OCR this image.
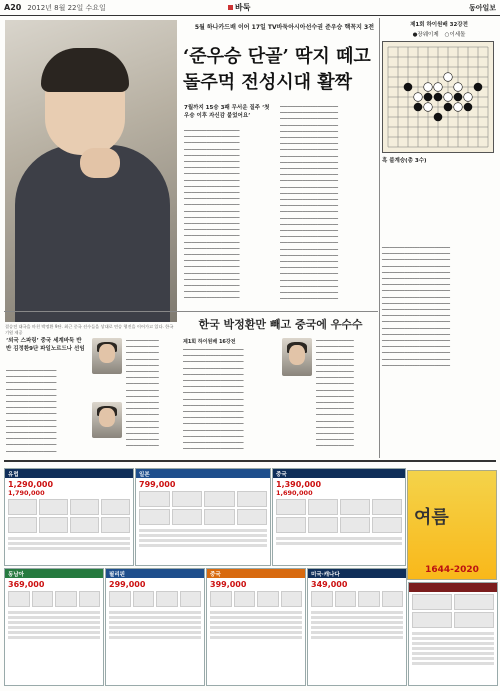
A20 2012년 8월 22일 수요일	바둑	동아일보
결승전 대국을 마친 박정환 9단. 최근 중국 선수들을 상대로 연승 행진을 이어가고 있다. 한국기원 제공
5월 하나카드배 이어 17일 TV바둑아시아선수권 준우승 핵꼭지 3전
‘준우승 단골’ 딱지 떼고 돌주먹 전성시대 활짝
7월까지 15승 3패 무서운 질주 ‘첫 우승 이후 자신감 붙었어요’
━━━━━━━━━━━━━━━━━━━━━━
━━━━━━━━━━━━━━━━━━━━━━
━━━━━━━━━━━━━━━━━━━━━━
━━━━━━━━━━━━━━━━━━━━━━
━━━━━━━━━━━━━━━━━━━━━━
━━━━━━━━━━━━━━━━━━━━━━
━━━━━━━━━━━━━━━━━━━━━━
━━━━━━━━━━━━━━━━━━━━━━
━━━━━━━━━━━━━━━━━━━━━━
━━━━━━━━━━━━━━━━━━━━━━
━━━━━━━━━━━━━━━━━━━━━━
━━━━━━━━━━━━━━━━━━━━━━
━━━━━━━━━━━━━━━━━━━━━━
━━━━━━━━━━━━━━━━━━━━━━
━━━━━━━━━━━━━━━━━━━━━━
━━━━━━━━━━━━━━━━━━━━━━
━━━━━━━━━━━━━━━━━━━━━━
━━━━━━━━━━━━━━━━━━━━━━
━━━━━━━━━━━━━━━━━━━━━━
━━━━━━━━━━━━━━━━━━━━━━
━━━━━━━━━━━━━━━━━━━━━━
━━━━━━━━━━━━━━━━━━━━━━
━━━━━━━━━━━━━━━━━━━━━━
━━━━━━━━━━━━━━━━━━━━━━
━━━━━━━━━━━━━━━━━━━━━━
━━━━━━━━━━━━━━━━━━━━━━
━━━━━━━━━━━━━━━━━━━━━━
━━━━━━━━━━━━━━━━━━━━━━
━━━━━━━━━━━━━━━━━━━━━━━
━━━━━━━━━━━━━━━━━━━━━━━
━━━━━━━━━━━━━━━━━━━━━━━
━━━━━━━━━━━━━━━━━━━━━━━
━━━━━━━━━━━━━━━━━━━━━━━
━━━━━━━━━━━━━━━━━━━━━━━
━━━━━━━━━━━━━━━━━━━━━━━
━━━━━━━━━━━━━━━━━━━━━━━
━━━━━━━━━━━━━━━━━━━━━━━
━━━━━━━━━━━━━━━━━━━━━━━
━━━━━━━━━━━━━━━━━━━━━━━
━━━━━━━━━━━━━━━━━━━━━━━
━━━━━━━━━━━━━━━━━━━━━━━
━━━━━━━━━━━━━━━━━━━━━━━
━━━━━━━━━━━━━━━━━━━━━━━
━━━━━━━━━━━━━━━━━━━━━━━
━━━━━━━━━━━━━━━━━━━━━━━
━━━━━━━━━━━━━━━━━━━━━━━
━━━━━━━━━━━━━━━━━━━━━━━
━━━━━━━━━━━━━━━━━━━━━━━
━━━━━━━━━━━━━━━━━━━━━━━
━━━━━━━━━━━━━━━━━━━━━━━
━━━━━━━━━━━━━━━━━━━━━━━
━━━━━━━━━━━━━━━━━━━━━━━
━━━━━━━━━━━━━━━━━━━━━━━
━━━━━━━━━━━━━━━━━━━━━━━
━━━━━━━━━━━━━━━━━━━━━━━
━━━━━━━━━━━━━━━━━━━━━━━
━━━━━━━━━━━━━━━━━━━━━━━
━━━━━━━━━━━━━━━━━━━━━━━
━━━━━━━━━━━━━━━━━━━━━━━
━━━━━━━━━━━━━━━━━━━━━━━
제1회 하이원배 32강전
●장웨이제 ○이세돌
흑 불계승(총 3수)
━━━━━━━━━━━━━━━━━━━━━━━━━━━
━━━━━━━━━━━━━━━━━━━━━━━━━━━
━━━━━━━━━━━━━━━━━━━━━━━━━━━
━━━━━━━━━━━━━━━━━━━━━━━━━━━
━━━━━━━━━━━━━━━━━━━━━━━━━━━
━━━━━━━━━━━━━━━━━━━━━━━━━━━
━━━━━━━━━━━━━━━━━━━━━━━━━━━
━━━━━━━━━━━━━━━━━━━━━━━━━━━
━━━━━━━━━━━━━━━━━━━━━━━━━━━
━━━━━━━━━━━━━━━━━━━━━━━━━━━
━━━━━━━━━━━━━━━━━━━━━━━━━━━
━━━━━━━━━━━━━━━━━━━━━━━━━━━
━━━━━━━━━━━━━━━━━━━━━━━━━━━
━━━━━━━━━━━━━━━━━━━━━━━━━━━
━━━━━━━━━━━━━━━━━━━━━━━━━━━
━━━━━━━━━━━━━━━━━━━━━━━━━━━
━━━━━━━━━━━━━━━━━━━━━━━━━━━
━━━━━━━━━━━━━━━━━━━━━━━━━━━
━━━━━━━━━━━━━━━━━━━━━━━━━━━
━━━━━━━━━━━━━━━━━━━━━━━━━━━
한국 박정환만 빼고 중국에 우수수
‘외국 스파링’ 중국 세계바둑 반반 김정환9단 파일노르드나 선임
━━━━━━━━━━━━━━━━━━━━
━━━━━━━━━━━━━━━━━━━━
━━━━━━━━━━━━━━━━━━━━
━━━━━━━━━━━━━━━━━━━━
━━━━━━━━━━━━━━━━━━━━
━━━━━━━━━━━━━━━━━━━━
━━━━━━━━━━━━━━━━━━━━
━━━━━━━━━━━━━━━━━━━━
━━━━━━━━━━━━━━━━━━━━
━━━━━━━━━━━━━━━━━━━━
━━━━━━━━━━━━━━━━━━━━
━━━━━━━━━━━━━━━━━━━━
━━━━━━━━━━━━━━━━━━━━
━━━━━━━━━━━━━━━━━━━━
━━━━━━━━━━━━━
━━━━━━━━━━━━━
━━━━━━━━━━━━━
━━━━━━━━━━━━━
━━━━━━━━━━━━━
━━━━━━━━━━━━━
━━━━━━━━━━━━━
━━━━━━━━━━━━━
━━━━━━━━━━━━━
━━━━━━━━━━━━━
━━━━━━━━━━━━━
━━━━━━━━━━━━━
━━━━━━━━━━━━━
━━━━━━━━━━━━━
━━━━━━━━━━━━━
━━━━━━━━━━━━━
━━━━━━━━━━━━━
━━━━━━━━━━━━━
제1회 하이원배 16강전
━━━━━━━━━━━━━━━━━━━━━━━━
━━━━━━━━━━━━━━━━━━━━━━━━
━━━━━━━━━━━━━━━━━━━━━━━━
━━━━━━━━━━━━━━━━━━━━━━━━
━━━━━━━━━━━━━━━━━━━━━━━━
━━━━━━━━━━━━━━━━━━━━━━━━
━━━━━━━━━━━━━━━━━━━━━━━━
━━━━━━━━━━━━━━━━━━━━━━━━
━━━━━━━━━━━━━━━━━━━━━━━━
━━━━━━━━━━━━━━━━━━━━━━━━
━━━━━━━━━━━━━━━━━━━━━━━━
━━━━━━━━━━━━━━━━━━━━━━━━
━━━━━━━━━━━━━━━━━━━━━━━━
━━━━━━━━━━━━━━━━━━━━━━━━
━━━━━━━━━━━━━━━━━━━━━━━━
━━━━━━━━━━━━━━━━━━━━━━━━
━━━━━━━━━━━━━━━━━━━━━━━━
━━━━━━━━━━━━━━━
━━━━━━━━━━━━━━━
━━━━━━━━━━━━━━━
━━━━━━━━━━━━━━━
━━━━━━━━━━━━━━━
━━━━━━━━━━━━━━━
━━━━━━━━━━━━━━━
━━━━━━━━━━━━━━━
━━━━━━━━━━━━━━━
━━━━━━━━━━━━━━━
━━━━━━━━━━━━━━━
━━━━━━━━━━━━━━━
━━━━━━━━━━━━━━━
━━━━━━━━━━━━━━━
━━━━━━━━━━━━━━━
━━━━━━━━━━━━━━━
━━━━━━━━━━━━━━━
━━━━━━━━━━━━━━━
유럽
1,290,000
1,790,000
일본
799,000
중국
1,390,000
1,690,000
여름
1644-2020
동남아
369,000
필리핀
299,000
중국
399,000
미국·캐나다
349,000
